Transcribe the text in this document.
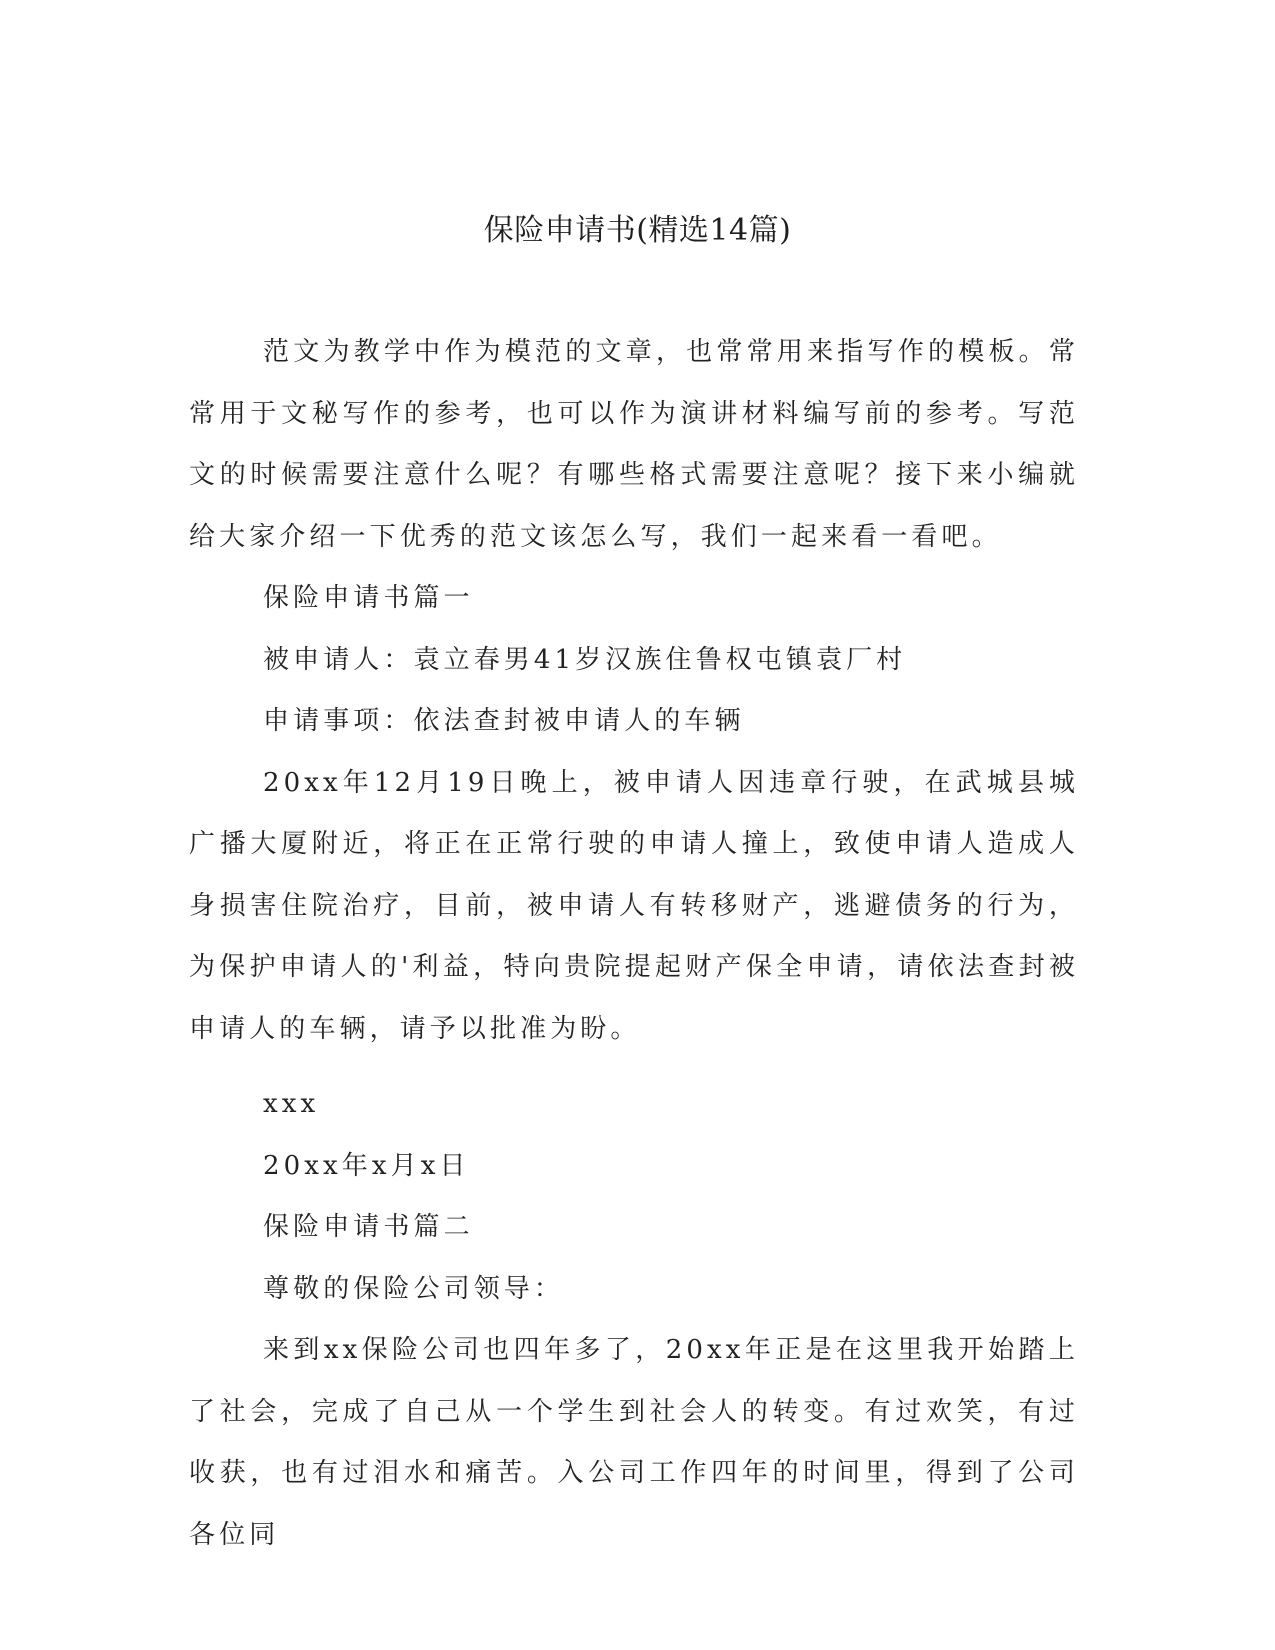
保险申请书(精选14篇)

范文为教学中作为模范的文章，也常常用来指写作的模板。常常用于文秘写作的参考，也可以作为演讲材料编写前的参考。写范文的时候需要注意什么呢？有哪些格式需要注意呢？接下来小编就给大家介绍一下优秀的范文该怎么写，我们一起来看一看吧。

保险申请书篇一

被申请人：袁立春男41岁汉族住鲁权屯镇袁厂村

申请事项：依法查封被申请人的车辆

20xx年12月19日晚上，被申请人因违章行驶，在武城县城广播大厦附近，将正在正常行驶的申请人撞上，致使申请人造成人身损害住院治疗，目前，被申请人有转移财产，逃避债务的行为，为保护申请人的'利益，特向贵院提起财产保全申请，请依法查封被申请人的车辆，请予以批准为盼。

xxx

20xx年x月x日

保险申请书篇二

尊敬的保险公司领导：

来到xx保险公司也四年多了，20xx年正是在这里我开始踏上了社会，完成了自己从一个学生到社会人的转变。有过欢笑，有过收获，也有过泪水和痛苦。入公司工作四年的时间里，得到了公司各位同
